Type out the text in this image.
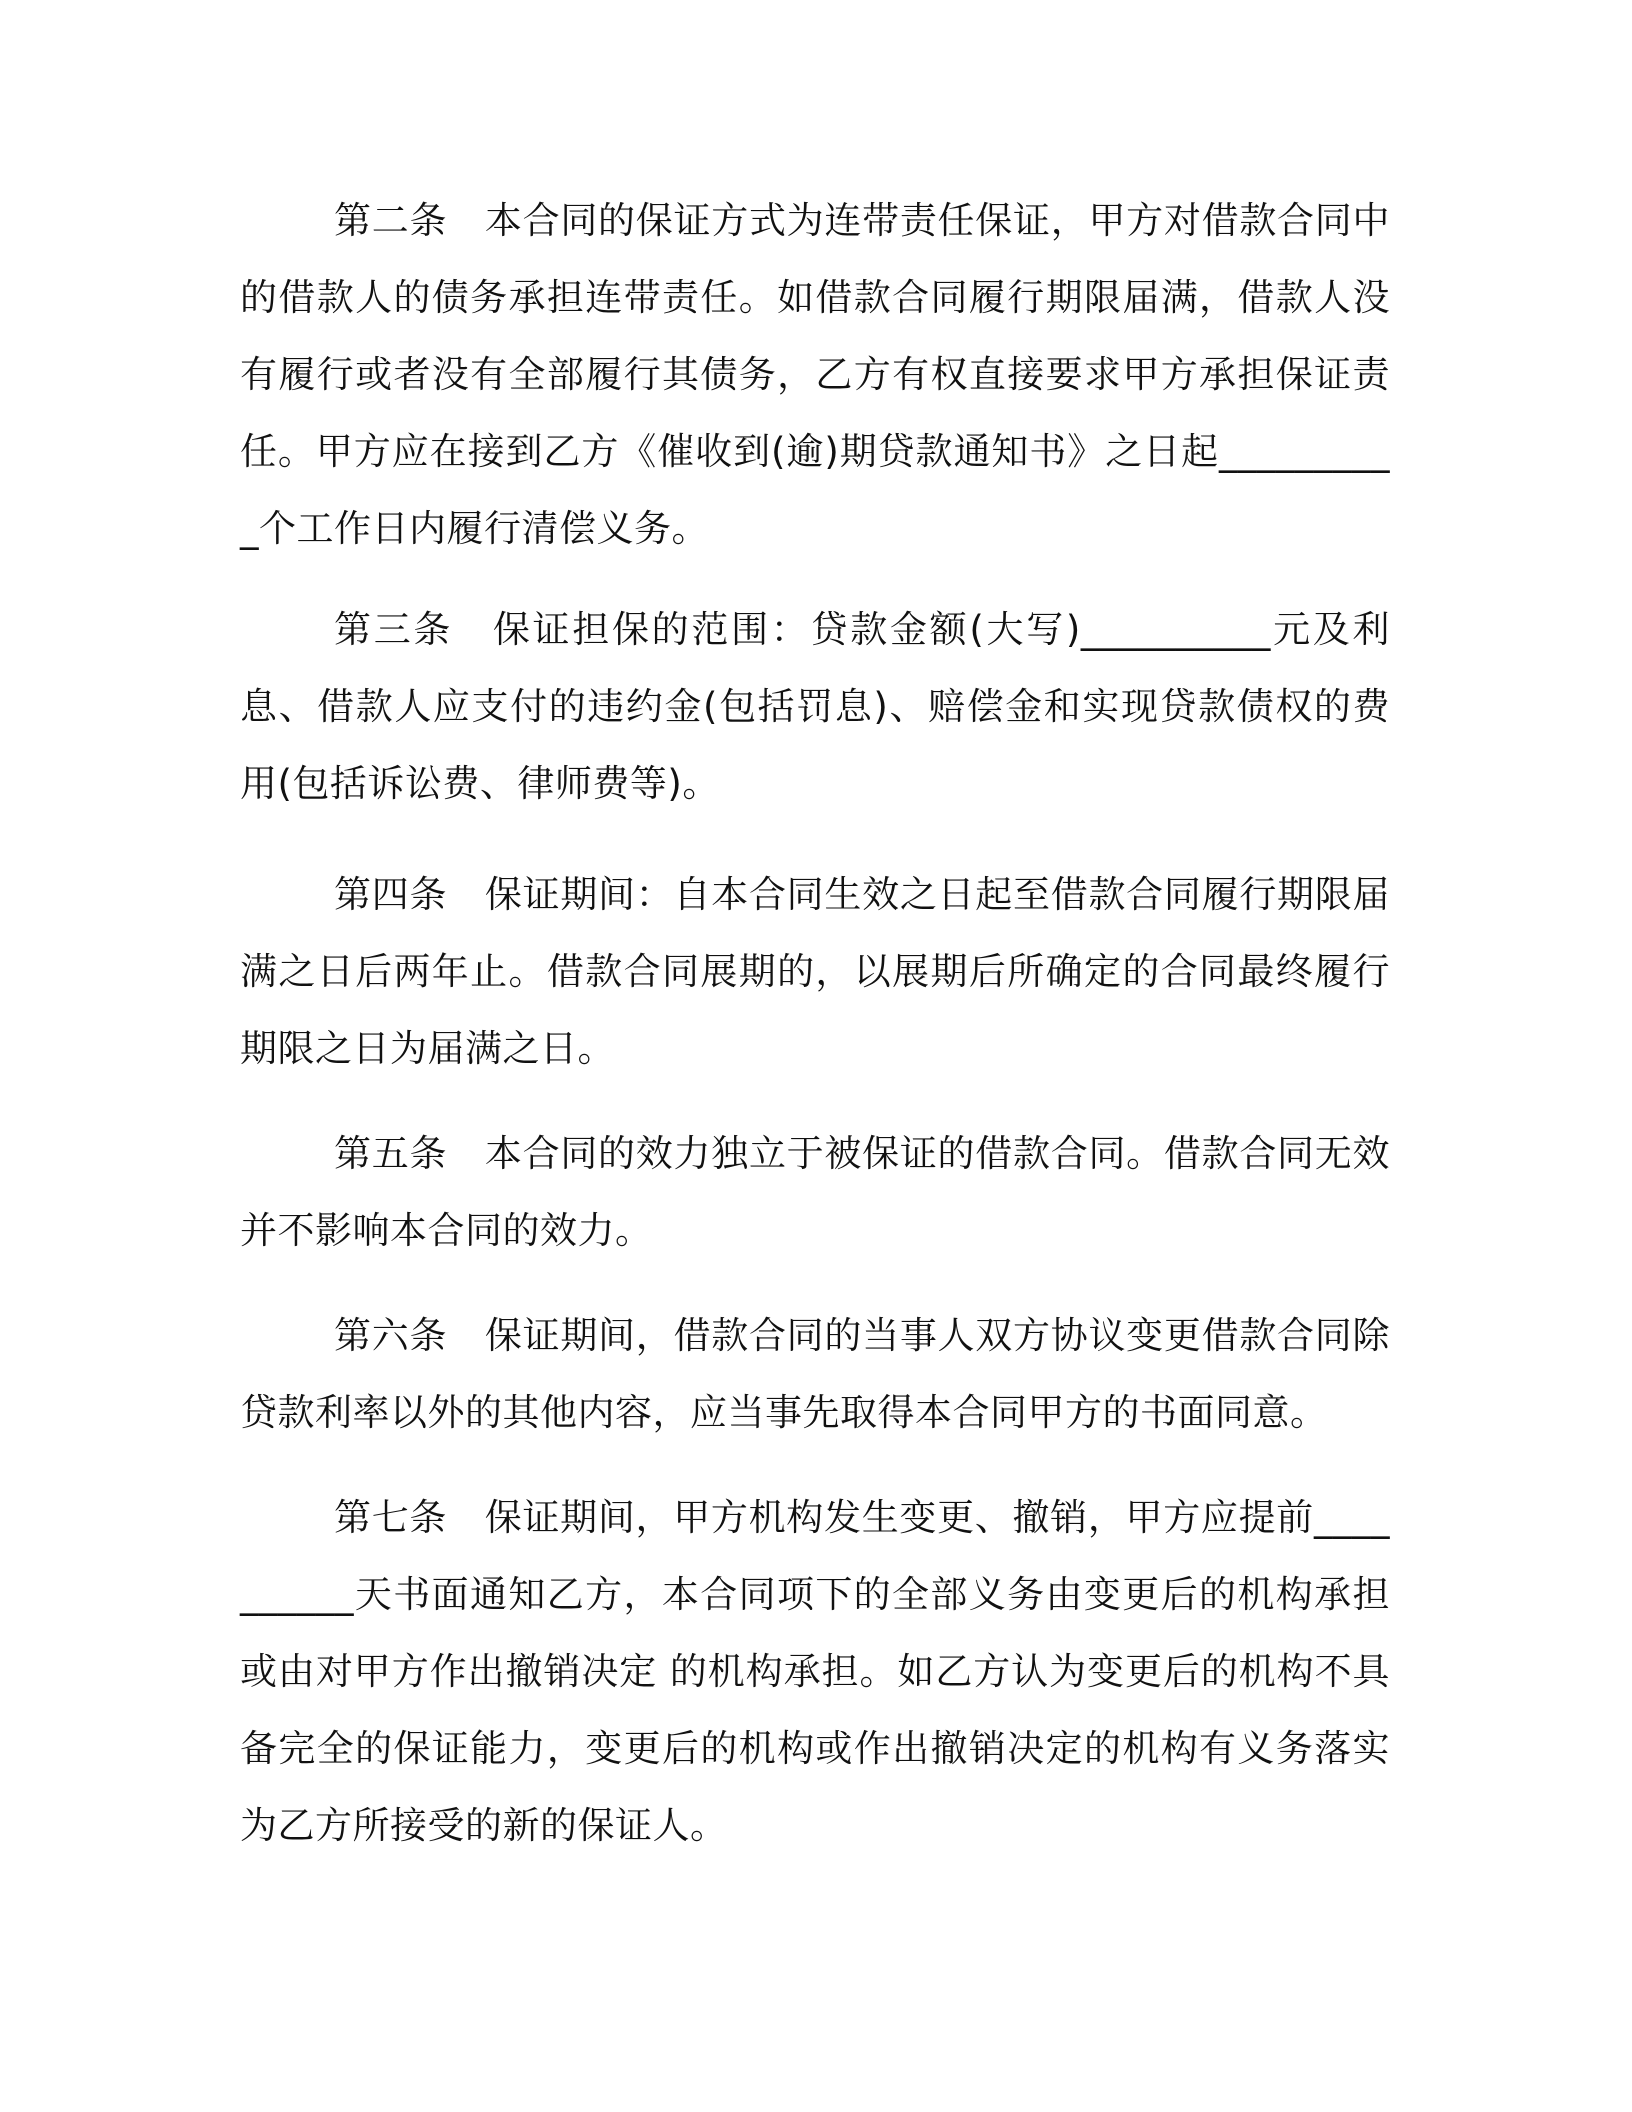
第二条　本合同的保证方式为连带责任保证，甲方对借款合同中的借款人的债务承担连带责任。如借款合同履行期限届满，借款人没有履行或者没有全部履行其债务，乙方有权直接要求甲方承担保证责任。甲方应在接到乙方《催收到(逾)期贷款通知书》之日起__________个工作日内履行清偿义务。

第三条　保证担保的范围：贷款金额(大写)__________元及利息、借款人应支付的违约金(包括罚息)、赔偿金和实现贷款债权的费用(包括诉讼费、律师费等)。

第四条　保证期间：自本合同生效之日起至借款合同履行期限届满之日后两年止。借款合同展期的，以展期后所确定的合同最终履行期限之日为届满之日。

第五条　本合同的效力独立于被保证的借款合同。借款合同无效并不影响本合同的效力。

第六条　保证期间，借款合同的当事人双方协议变更借款合同除贷款利率以外的其他内容，应当事先取得本合同甲方的书面同意。

第七条　保证期间，甲方机构发生变更、撤销，甲方应提前__________天书面通知乙方，本合同项下的全部义务由变更后的机构承担或由对甲方作出撤销决定 的机构承担。如乙方认为变更后的机构不具备完全的保证能力，变更后的机构或作出撤销决定的机构有义务落实为乙方所接受的新的保证人。
